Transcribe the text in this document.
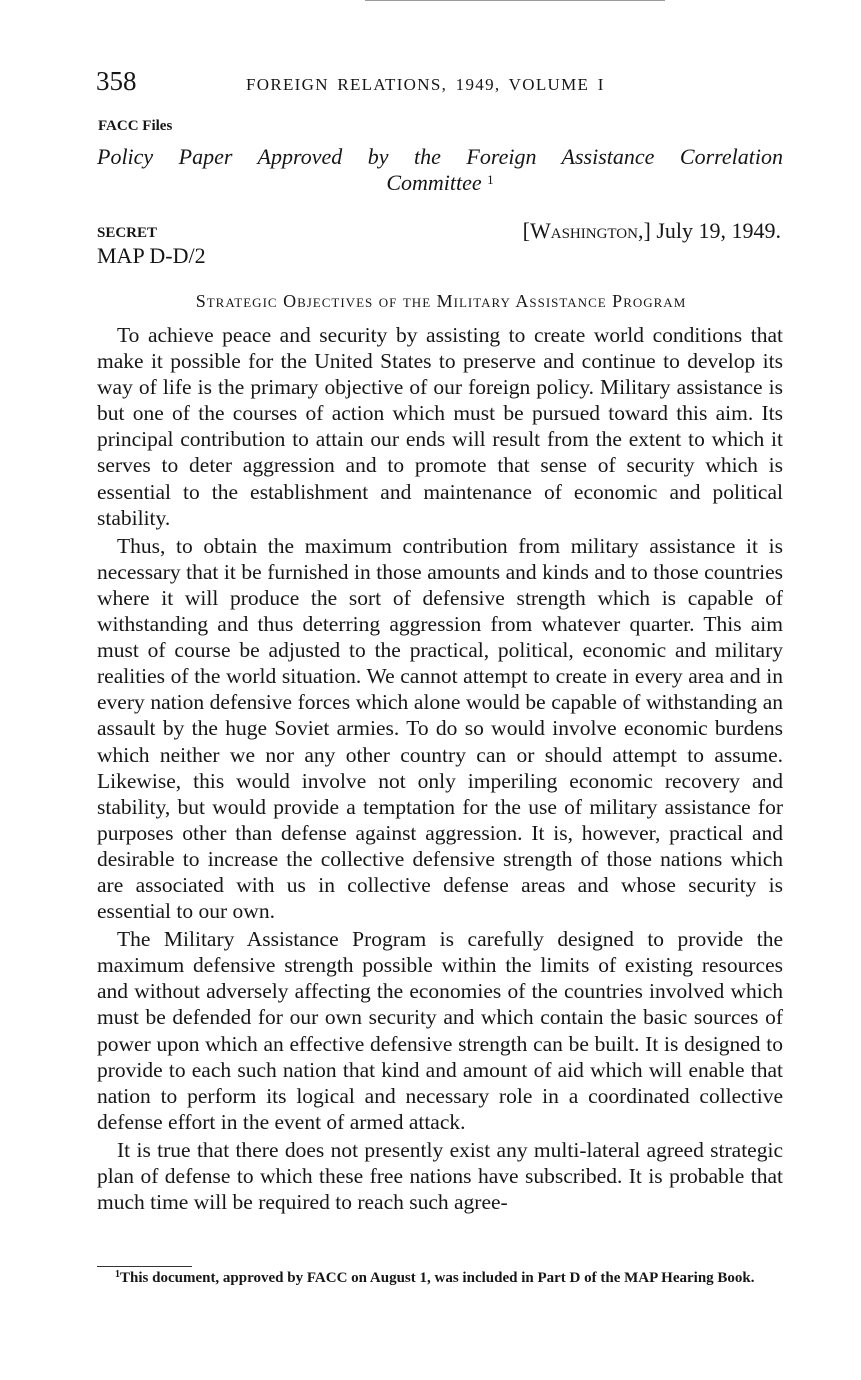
358	FOREIGN RELATIONS, 1949, VOLUME I
FACC Files
Policy Paper Approved by the Foreign Assistance Correlation
Committee $^1$
SECRET
MAP D-D/2
[Washington,] July 19, 1949.
Strategic Objectives of the Military Assistance Program

To achieve peace and security by assisting to create world conditions that make it possible for the United States to preserve and continue to develop its way of life is the primary objective of our foreign policy. Military assistance is but one of the courses of action which must be pursued toward this aim. Its principal contribution to attain our ends will result from the extent to which it serves to deter aggression and to promote that sense of security which is essential to the establishment and maintenance of economic and political stability.

Thus, to obtain the maximum contribution from military assistance it is necessary that it be furnished in those amounts and kinds and to those countries where it will produce the sort of defensive strength which is capable of withstanding and thus deterring aggression from whatever quarter. This aim must of course be adjusted to the practical, political, economic and military realities of the world situation. We cannot attempt to create in every area and in every nation defensive forces which alone would be capable of withstanding an assault by the huge Soviet armies. To do so would involve economic burdens which neither we nor any other country can or should attempt to assume. Likewise, this would involve not only imperiling economic recovery and stability, but would provide a temptation for the use of military assistance for purposes other than defense against aggression. It is, however, practical and desirable to increase the collective defensive strength of those nations which are associated with us in collective defense areas and whose security is essential to our own.

The Military Assistance Program is carefully designed to provide the maximum defensive strength possible within the limits of existing resources and without adversely affecting the economies of the countries involved which must be defended for our own security and which contain the basic sources of power upon which an effective defensive strength can be built. It is designed to provide to each such nation that kind and amount of aid which will enable that nation to perform its logical and necessary role in a coordinated collective defense effort in the event of armed attack.

It is true that there does not presently exist any multi-lateral agreed strategic plan of defense to which these free nations have subscribed. It is probable that much time will be required to reach such agree-

$^1$This document, approved by FACC on August 1, was included in Part D of the MAP Hearing Book.
